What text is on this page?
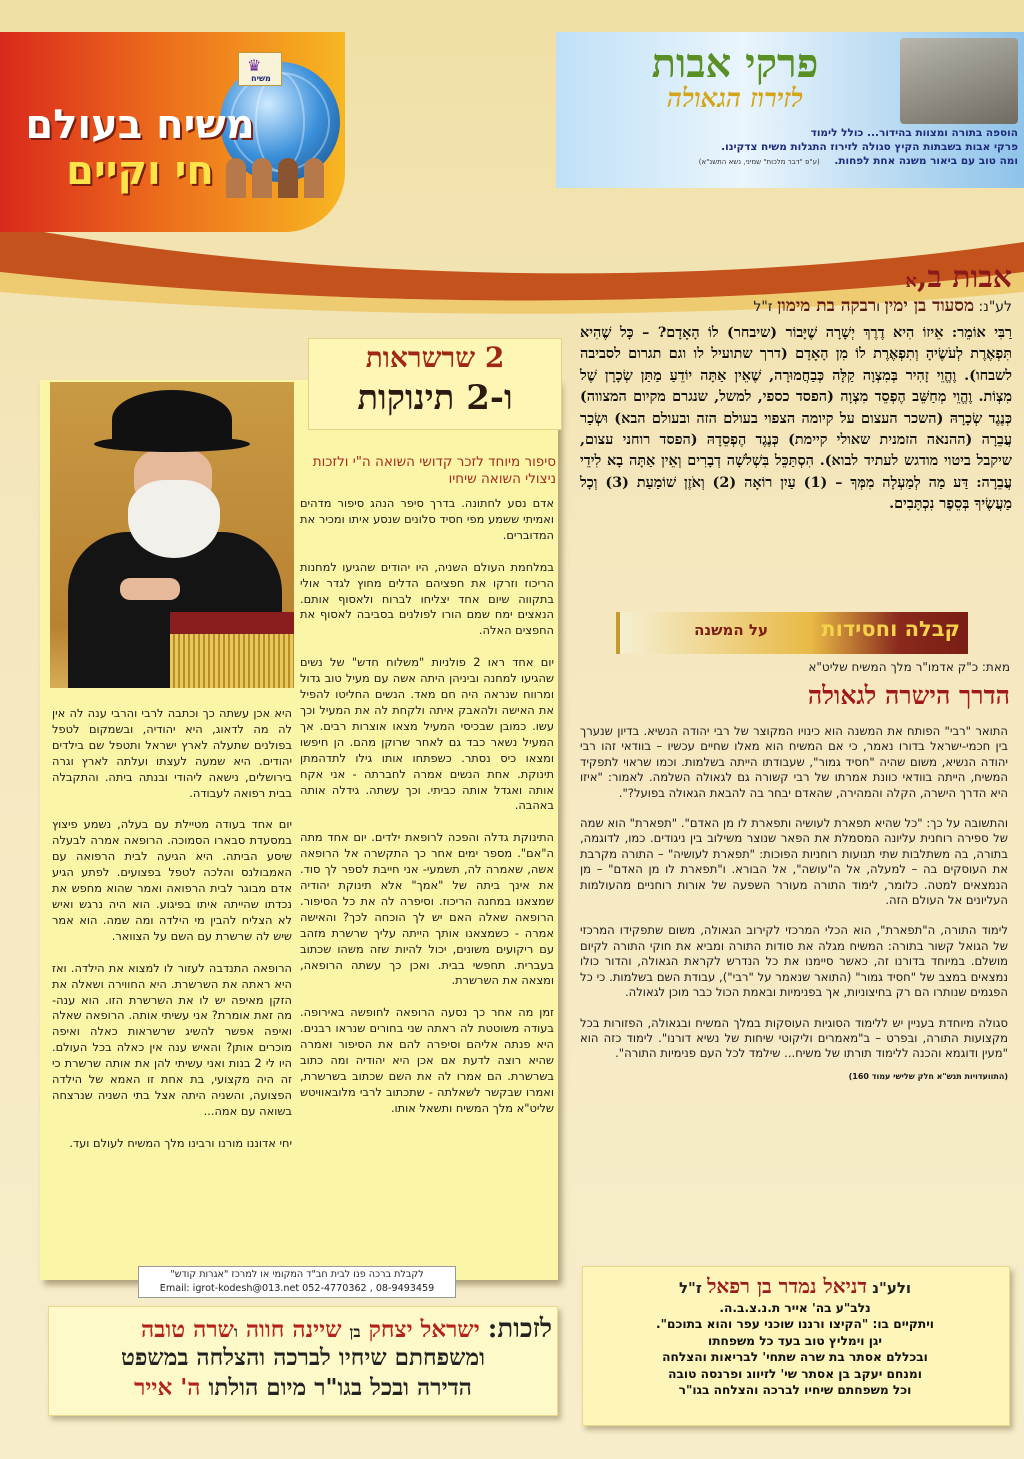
♛
משיח
משיח בעולם
חי וקיים
פרקי אבות
לזירוז הגאולה
הוספה בתורה ומצוות בהידור... כולל לימוד
פרקי אבות בשבתות הקיץ סגולה לזירוז התגלות משיח צדקינו.
ומה טוב עם ביאור משנה אחת לפחות.    (ע"פ "דבר מלכות" שמיני, נשא התשנ"א)
אבות ב,א
לע"נ: מסעוד בן ימין ורבקה בת מימון ז"ל
רַבִּי אוֹמֵר: אֵיזוֹ הִיא דֶרֶךְ יְשָׁרָה שֶׁיָּבוֹר (שיבחר) לוֹ הָאָדָם? – כָּל שֶׁהִיא תִּפְאֶרֶת לְעֹשֶׂיהָ וְתִפְאֶרֶת לוֹ מִן הָאָדָם (דרך שתועיל לו וגם תגרום לסביבה לשבחו). וֶהֱוֵי זָהִיר בְּמִצְוָה קַלָּה כְּבַחֲמוּרָה, שֶׁאֵין אַתָּה יוֹדֵעַ מַתַּן שְׂכָרָן שֶׁל מִצְוֹת. וֶהֱוֵי מְחַשֵּׁב הֶפְסֵד מִצְוָה (הפסד כספי, למשל, שנגרם מקיום המצווה) כְּנֶגֶד שְׂכָרָהּ (השכר העצום על קיומה הצפוי בעולם הזה ובעולם הבא) וּשְׂכַר עֲבֵרָה (ההנאה הזמנית שאולי קיימת) כְּנֶגֶד הֶפְסֵדָהּ (הפסד רוחני עצום, שיקבל ביטוי מודגש לעתיד לבוא). הִסְתַּכֵּל בִּשְׁלשָׁה דְבָרִים וְאֵין אַתָּה בָא לִידֵי עֲבֵרָה: דַּע מַה לְמַעְלָה מִמְּךָ – (1) עַיִן רוֹאָה (2) וְאֹזֶן שׁוֹמַעַת (3) וְכָל מַעֲשֶׂיךָ בְּסֵפֶר נִכְתָּבִים.
קבלה וחסידות
על המשנה
מאת: כ"ק אדמו"ר מלך המשיח שליט"א
הדרך הישרה לגאולה

התואר "רבי" הפותח את המשנה הוא כינויו המקוצר של רבי יהודה הנשיא. בדיון שנערך בין חכמי-ישראל בדורו נאמר, כי אם המשיח הוא מאלו שחיים עכשיו – בוודאי זהו רבי יהודה הנשיא, משום שהיה "חסיד גמור", שעבודתו הייתה בשלמות. וכמו שראוי לתפקיד המשיח, הייתה בוודאי כוונת אמרתו של רבי קשורה גם לגאולה השלמה. לאמור: "איזו היא הדרך הישרה, הקלה והמהירה, שהאדם יבחר בה להבאת הגאולה בפועל?".

והתשובה על כך: "כל שהיא תפארת לעושיה ותפארת לו מן האדם". "תפארת" הוא שמה של ספירה רוחנית עליונה המסמלת את הפאר שנוצר משילוב בין ניגודים. כמו, לדוגמה, בתורה, בה משתלבות שתי תנועות רוחניות הפוכות: "תפארת לעושיה" – התורה מקרבת את העוסקים בה – למעלה, אל ה"עושה", אל הבורא. ו"תפארת לו מן האדם" – מן הנמצאים למטה. כלומר, לימוד התורה מעורר השפעה של אורות רוחניים מהעולמות העליונים אל העולם הזה.

לימוד התורה, ה"תפארת", הוא הכלי המרכזי לקירוב הגאולה, משום שתפקידו המרכזי של הגואל קשור בתורה: המשיח מגלה את סודות התורה ומביא את חוקי התורה לקיום מושלם. במיוחד בדורנו זה, כאשר סיימנו את כל הנדרש לקראת הגאולה, והדור כולו נמצאים במצב של "חסיד גמור" (התואר שנאמר על "רבי"), עבודת השם בשלמות. כי כל הפגמים שנותרו הם רק בחיצוניות, אך בפנימיות ובאמת הכול כבר מוכן לגאולה.

סגולה מיוחדת בעניין יש ללימוד הסוגיות העוסקות במלך המשיח ובגאולה, הפזורות בכל מקצועות התורה, ובפרט – ב"מאמרים וליקוטי שיחות של נשיא דורנו". לימוד כזה הוא "מעין ודוגמא והכנה ללימוד תורתו של משיח... שילמד לכל העם פנימיות התורה".

(התוועדויות תנש"א חלק שלישי עמוד 160)
2 שרשראות
ו-2 תינוקות
סיפור מיוחד לזכר קדושי השואה ה"י ולזכות ניצולי השואה שיחיו

אדם נסע לחתונה. בדרך סיפר הנהג סיפור מדהים ואמיתי ששמע מפי חסיד סלונים שנסע איתו ומכיר את המדוברים.

במלחמת העולם השניה, היו יהודים שהגיעו למחנות הריכוז וזרקו את חפציהם הדלים מחוץ לגדר אולי בתקווה שיום אחד יצליחו לברוח ולאסוף אותם. הנאצים ימח שמם הורו לפולנים בסביבה לאסוף את החפצים האלה.

יום אחד ראו 2 פולניות "משלוח חדש" של נשים שהגיעו למחנה וביניהן היתה אשה עם מעיל טוב גדול ומרווח שנראה היה חם מאד. הנשים החליטו להפיל את האישה ולהאבק איתה ולקחת לה את המעיל וכך עשו. כמובן שבכיסי המעיל מצאו אוצרות רבים. אך המעיל נשאר כבד גם לאחר שרוקן מהם. הן חיפשו ומצאו כיס נסתר. כשפתחו אותו גילו לתדהמתן תינוקת. אחת הנשים אמרה לחברתה - אני אקח אותה ואגדל אותה כביתי. וכך עשתה. גידלה אותה באהבה.

התינוקת גדלה והפכה לרופאת ילדים. יום אחד מתה ה"אם". מספר ימים אחר כך התקשרה אל הרופאה אשה, שאמרה לה, תשמעי- אני חייבת לספר לך סוד. את אינך ביתה של "אמך" אלא תינוקת יהודיה שמצאנו במחנה הריכוז. וסיפרה לה את כל הסיפור. הרופאה שאלה האם יש לך הוכחה לכך? והאישה אמרה - כשמצאנו אותך הייתה עליך שרשרת מזהב עם ריקועים משונים, יכול להיות שזה משהו שכתוב בעברית. תחפשי בבית. ואכן כך עשתה הרופאה, ומצאה את השרשרת.

זמן מה אחר כך נסעה הרופאה לחופשה באירופה. בעודה משוטטת לה ראתה שני בחורים שנראו רבנים. היא פנתה אליהם וסיפרה להם את הסיפור ואמרה שהיא רוצה לדעת אם אכן היא יהודיה ומה כתוב בשרשרת. הם אמרו לה את השם שכתוב בשרשרת, ואמרו שבקשר לשאלתה - שתכתוב לרבי מלובאוויטש שליט"א מלך המשיח ותשאל אותו.

היא אכן עשתה כך וכתבה לרבי והרבי ענה לה אין לה מה לדאוג, היא יהודיה, ובשמקום לטפל בפולנים שתעלה לארץ ישראל ותטפל שם בילדים יהודים. היא שמעה לעצתו ועלתה לארץ וגרה בירושלים, נישאה ליהודי ובנתה ביתה. והתקבלה בבית רפואה לעבודה.

יום אחד בעודה מטיילת עם בעלה, נשמע פיצוץ במסעדת סבארו הסמוכה. הרופאה אמרה לבעלה שיסע הביתה. היא הגיעה לבית הרפואה עם האמבולנס והלכה לטפל בפצועים. לפתע הגיע אדם מבוגר לבית הרפואה ואמר שהוא מחפש את נכדתו שהייתה איתו בפיגוע. הוא היה נרגש ואיש לא הצליח להבין מי הילדה ומה שמה. הוא אמר שיש לה שרשרת עם השם על הצוואר.

הרופאה התנדבה לעזור לו למצוא את הילדה. ואז היא ראתה את השרשרת. היא החווירה ושאלה את הזקן מאיפה יש לו את השרשרת הזו. הוא ענה- מה זאת אומרת? אני עשיתי אותה. הרופאה שאלה ואיפה אפשר להשיג שרשראות כאלה ואיפה מוכרים אותן? והאיש ענה אין כאלה בכל העולם. היו לי 2 בנות ואני עשיתי להן את אותה שרשרת כי זה היה מקצועי, בת אחת זו האמא של הילדה הפצועה, והשניה היתה אצל בתי השניה שנרצחה בשואה עם אמה...

יחי אדוננו מורנו ורבינו מלך המשיח לעולם ועד.

לקבלת ברכה פנו לבית חב"ד המקומי או למרכז "אגרות קודש"
Email: igrot-kodesh@013.net 052-4770362 , 08-9493459
לזכות: ישראל יצחק בן שיינה חווה ושרה טובה
ומשפחתם שיחיו לברכה והצלחה במשפט
הדירה ובכל בגו"ר מיום הולתו ה' אייר
ולע"נ דניאל נמדר בן רפאל ז"ל
נלב"ע בה' אייר ת.נ.צ.ב.ה.
ויתקיים בו: "הקיצו ורננו שוכני עפר והוא בתוכם".
יגן וימליץ טוב בעד כל משפחתו
ובכללם אסתר בת שרה שתחי' לבריאות והצלחה
ומנחם יעקב בן אסתר שי' לזיווג ופרנסה טובה
וכל משפחתם שיחיו לברכה והצלחה בגו"ר
